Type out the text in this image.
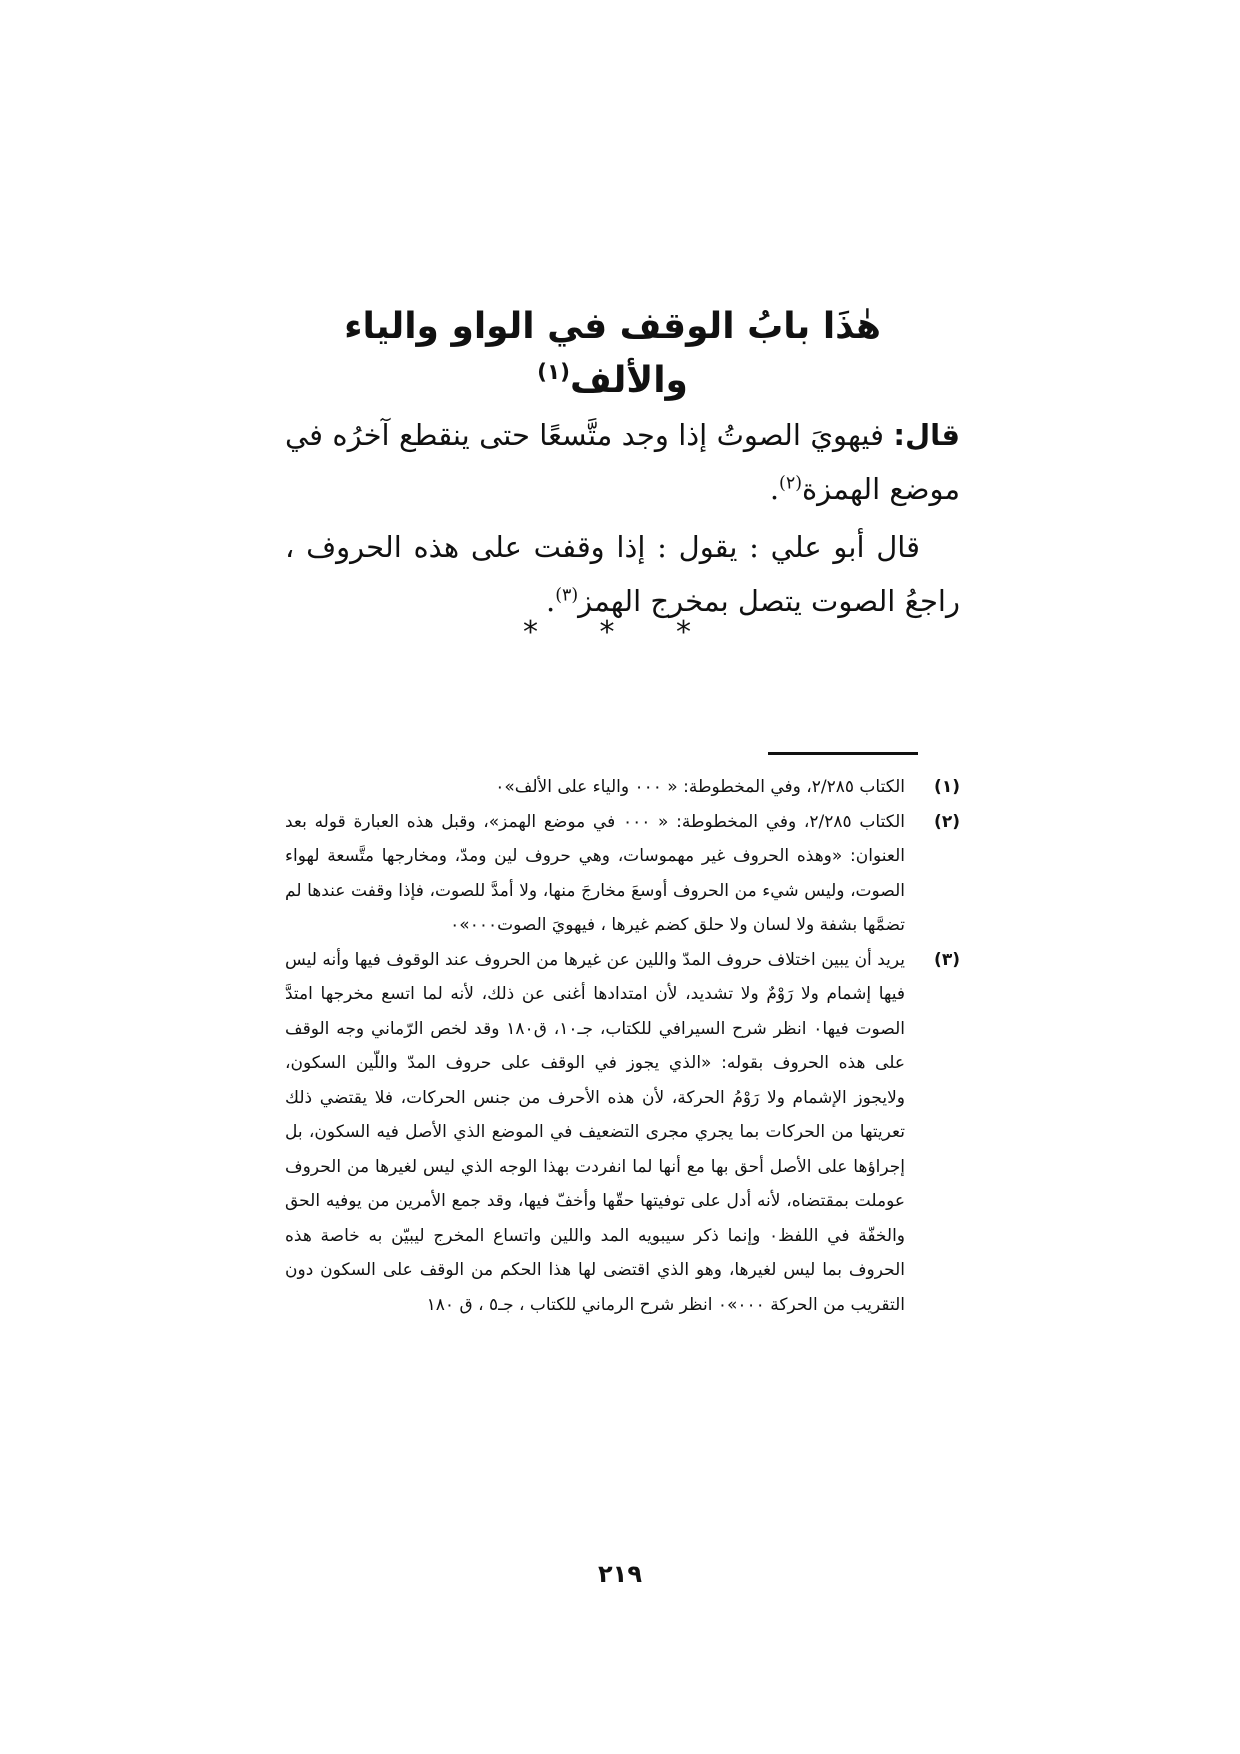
هٰذَا بابُ الوقف في الواو والياء والألف$^{(١)}$

قال: فيهويَ الصوتُ إذا وجد متَّسعًا حتى ينقطع آخرُه في موضع الهمزة$^{(٢)}$.

قال أبو علي : يقول : إذا وقفت على هذه الحروف ، راجعُ الصوت يتصل بمخرج الهمز$^{(٣)}$.

* * *
(١)
الكتاب ٢/٢٨٥، وفي المخطوطة: « ٠٠٠ والياء على الألف»٠
(٢)
الكتاب ٢/٢٨٥، وفي المخطوطة: « ٠٠٠ في موضع الهمز»، وقبل هذه العبارة قوله بعد العنوان: «وهذه الحروف غير مهموسات، وهي حروف لين ومدّ، ومخارجها متَّسعة لهواء الصوت، وليس شيء من الحروف أوسعَ مخارجَ منها، ولا أمدَّ للصوت، فإذا وقفت عندها لم تضمَّها بشفة ولا لسان ولا حلق كضم غيرها ، فيهويَ الصوت٠٠٠»٠
(٣)
يريد أن يبين اختلاف حروف المدّ واللين عن غيرها من الحروف عند الوقوف فيها وأنه ليس فيها إشمام ولا رَوْمٌ ولا تشديد، لأن امتدادها أغنى عن ذلك، لأنه لما اتسع مخرجها امتدَّ الصوت فيها٠ انظر شرح السيرافي للكتاب، جـ١٠، ق١٨٠ وقد لخص الرّماني وجه الوقف على هذه الحروف بقوله: «الذي يجوز في الوقف على حروف المدّ واللّين السكون، ولايجوز الإشمام ولا رَوْمُ الحركة، لأن هذه الأحرف من جنس الحركات، فلا يقتضي ذلك تعريتها من الحركات بما يجري مجرى التضعيف في الموضع الذي الأصل فيه السكون، بل إجراؤها على الأصل أحق بها مع أنها لما انفردت بهذا الوجه الذي ليس لغيرها من الحروف عوملت بمقتضاه، لأنه أدل على توفيتها حقّها وأخفّ فيها، وقد جمع الأمرين من يوفيه الحق والخفّة في اللفظ٠ وإنما ذكر سيبويه المد واللين واتساع المخرج ليبيّن به خاصة هذه الحروف بما ليس لغيرها، وهو الذي اقتضى لها هذا الحكم من الوقف على السكون دون التقريب من الحركة ٠٠٠»٠ انظر شرح الرماني للكتاب ، جـ٥ ، ق ١٨٠
٢١٩
